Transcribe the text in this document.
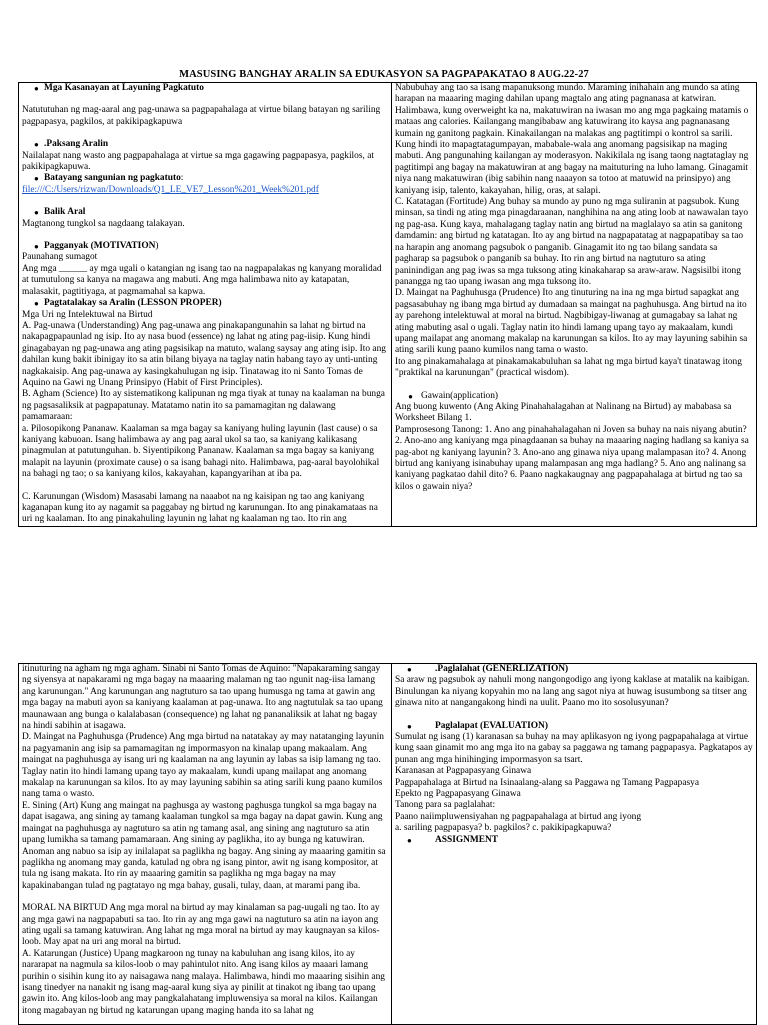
MASUSING BANGHAY ARALIN SA EDUKASYON SA PAGPAPAKATAO 8 AUG.22-27
● Mga Kasanayan at Layuning Pagkatuto

Natututuhan ng mag-aaral ang pag-unawa sa pagpapahalaga at virtue bilang batayan ng sariling pagpapasya, pagkilos, at pakikipagkapuwa

● .Paksang Aralin

Nailalapat nang wasto ang pagpapahalaga at virtue sa mga gagawing pagpapasya, pagkilos, at pakikipagkapuwa.

● Batayang sangunian ng pagkatuto:

file:///C:/Users/rizwan/Downloads/Q1_LE_VE7_Lesson%201_Week%201.pdf

● Balik Aral

Magtanong tungkol sa nagdaang talakayan.

● Pagganyak (MOTIVATION)

Paunahang sumagot

Ang mga ______ ay mga ugali o katangian ng isang tao na nagpapalakas ng kanyang moralidad at tumutulong sa kanya na magawa ang mabuti. Ang mga halimbawa nito ay katapatan, malasakit, pagtitiyaga, at pagmamahal sa kapwa.

● Pagtatalakay sa Aralin (LESSON PROPER)

Mga Uri ng Intelektuwal na Birtud

A. Pag-unawa (Understanding) Ang pag-unawa ang pinakapangunahin sa lahat ng birtud na nakapagpapaunlad ng isip. Ito ay nasa buod (essence) ng lahat ng ating pag-iisip. Kung hindi ginagabayan ng pag-unawa ang ating pagsisikap na matuto, walang saysay ang ating isip. Ito ang dahilan kung bakit ibinigay ito sa atin bilang biyaya na taglay natin habang tayo ay unti-unting nagkakaisip. Ang pag-unawa ay kasingkahulugan ng isip. Tinatawag ito ni Santo Tomas de Aquino na Gawi ng Unang Prinsipyo (Habit of First Principles).

B. Agham (Science) Ito ay sistematikong kalipunan ng mga tiyak at tunay na kaalaman na bunga ng pagsasaliksik at pagpapatunay. Matatamo natin ito sa pamamagitan ng dalawang pamamaraan:

a. Pilosopikong Pananaw. Kaalaman sa mga bagay sa kaniyang huling layunin (last cause) o sa kaniyang kabuoan. Isang halimbawa ay ang pag aaral ukol sa tao, sa kaniyang kalikasang pinagmulan at patutunguhan. b. Siyentipikong Pananaw. Kaalaman sa mga bagay sa kaniyang malapit na layunin (proximate cause) o sa isang bahagi nito. Halimbawa, pag-aaral bayolohikal na bahagi ng tao; o sa kaniyang kilos, kakayahan, kapangyarihan at iba pa.

C. Karunungan (Wisdom) Masasabi lamang na naaabot na ng kaisipan ng tao ang kaniyang kaganapan kung ito ay nagamit sa paggabay ng birtud ng karunungan. Ito ang pinakamataas na uri ng kaalaman. Ito ang pinakahuling layunin ng lahat ng kaalaman ng tao. Ito rin ang

Nabubuhay ang tao sa isang mapanuksong mundo. Maraming inihahain ang mundo sa ating harapan na maaaring maging dahilan upang magtalo ang ating pagnanasa at katwiran. Halimbawa, kung overweight ka na, makatuwiran na iwasan mo ang mga pagkaing matamis o mataas ang calories. Kailangang mangibabaw ang katuwirang ito kaysa ang pagnanasang kumain ng ganitong pagkain. Kinakailangan na malakas ang pagtitimpi o kontrol sa sarili. Kung hindi ito mapagtatagumpayan, mababale-wala ang anomang pagsisikap na maging mabuti. Ang pangunahing kailangan ay moderasyon. Nakikilala ng isang taong nagtataglay ng pagtitimpi ang bagay na makatuwiran at ang bagay na maituturing na luho lamang. Ginagamit niya nang makatuwiran (ibig sabihin nang naaayon sa totoo at matuwid na prinsipyo) ang kaniyang isip, talento, kakayahan, hilig, oras, at salapi.

C. Katatagan (Fortitude) Ang buhay sa mundo ay puno ng mga suliranin at pagsubok. Kung minsan, sa tindi ng ating mga pinagdaraanan, nanghihina na ang ating loob at nawawalan tayo ng pag-asa. Kung kaya, mahalagang taglay natin ang birtud na maglalayo sa atin sa ganitong damdamin: ang birtud ng katatagan. Ito ay ang birtud na nagpapatatag at nagpapatibay sa tao na harapin ang anomang pagsubok o panganib. Ginagamit ito ng tao bilang sandata sa pagharap sa pagsubok o panganib sa buhay. Ito rin ang birtud na nagtuturo sa ating paninindigan ang pag iwas sa mga tuksong ating kinakaharap sa araw-araw. Nagsisilbi itong panangga ng tao upang iwasan ang mga tuksong ito.

D. Maingat na Paghuhusga (Prudence) Ito ang tinuturing na ina ng mga birtud sapagkat ang pagsasabuhay ng ibang mga birtud ay dumadaan sa maingat na paghuhusga. Ang birtud na ito ay parehong intelektuwal at moral na birtud. Nagbibigay-liwanag at gumagabay sa lahat ng ating mabuting asal o ugali. Taglay natin ito hindi lamang upang tayo ay makaalam, kundi upang mailapat ang anomang makalap na karunungan sa kilos. Ito ay may layuning sabihin sa ating sarili kung paano kumilos nang tama o wasto.

Ito ang pinakamahalaga at pinakamakabuluhan sa lahat ng mga birtud kaya't tinatawag itong "praktikal na karunungan" (practical wisdom).

● Gawain(application)

Ang buong kuwento (Ang Aking Pinahahalagahan at Nalinang na Birtud) ay mababasa sa Worksheet Bilang 1.

Pamprosesong Tanong: 1. Ano ang pinahahalagahan ni Joven sa buhay na nais niyang abutin? 2. Ano-ano ang kaniyang mga pinagdaanan sa buhay na maaaring naging hadlang sa kaniya sa pag-abot ng kaniyang layunin? 3. Ano-ano ang ginawa niya upang malampasan ito? 4. Anong birtud ang kaniyang isinabuhay upang malampasan ang mga hadlang? 5. Ano ang nalinang sa kaniyang pagkatao dahil dito? 6. Paano nagkakaugnay ang pagpapahalaga at birtud ng tao sa kilos o gawain niya?

itinuturing na agham ng mga agham. Sinabi ni Santo Tomas de Aquino: "Napakaraming sangay ng siyensya at napakarami ng mga bagay na maaaring malaman ng tao ngunit nag-iisa lamang ang karunungan." Ang karunungan ang nagtuturo sa tao upang humusga ng tama at gawin ang mga bagay na mabuti ayon sa kaniyang kaalaman at pag-unawa. Ito ang nagtutulak sa tao upang maunawaan ang bunga o kalalabasan (consequence) ng lahat ng pananaliksik at lahat ng bagay na hindi sabihin at isagawa.

D. Maingat na Paghuhusga (Prudence) Ang mga birtud na natatakay ay may natatanging layunin na pagyamanin ang isip sa pamamagitan ng impormasyon na kinalap upang makaalam. Ang maingat na paghuhusga ay isang uri ng kaalaman na ang layunin ay labas sa isip lamang ng tao. Taglay natin ito hindi lamang upang tayo ay makaalam, kundi upang mailapat ang anomang makalap na karunungan sa kilos. Ito ay may layuning sabihin sa ating sarili kung paano kumilos nang tama o wasto.

E. Sining (Art) Kung ang maingat na paghusga ay wastong paghusga tungkol sa mga bagay na dapat isagawa, ang sining ay tamang kaalaman tungkol sa mga bagay na dapat gawin. Kung ang maingat na paghuhusga ay nagtuturo sa atin ng tamang asal, ang sining ang nagtuturo sa atin upang lumikha sa tamang pamamaraan. Ang sining ay paglikha, ito ay bunga ng katuwiran. Anoman ang nabuo sa isip ay inilalapat sa paglikha ng bagay. Ang sining ay maaaring gamitin sa paglikha ng anomang may ganda, katulad ng obra ng isang pintor, awit ng isang kompositor, at tula ng isang makata. Ito rin ay maaaring gamitin sa paglikha ng mga bagay na may kapakinabangan tulad ng pagtatayo ng mga bahay, gusali, tulay, daan, at marami pang iba.

MORAL NA BIRTUD Ang mga moral na birtud ay may kinalaman sa pag-uugali ng tao. Ito ay ang mga gawi na nagpapabuti sa tao. Ito rin ay ang mga gawi na nagtuturo sa atin na iayon ang ating ugali sa tamang katuwiran. Ang lahat ng mga moral na birtud ay may kaugnayan sa kilos-loob. May apat na uri ang moral na birtud.

A. Katarungan (Justice) Upang magkaroon ng tunay na kabuluhan ang isang kilos, ito ay nararapat na nagmula sa kilos-loob o may pahintulot nito. Ang isang kilos ay maaari lamang purihin o sisihin kung ito ay naisagawa nang malaya. Halimbawa, hindi mo maaaring sisihin ang isang tinedyer na nanakit ng isang mag-aaral kung siya ay pinilit at tinakot ng ibang tao upang gawin ito. Ang kilos-loob ang may pangkalahatang impluwensiya sa moral na kilos. Kailangan itong magabayan ng birtud ng katarungan upang maging handa ito sa lahat ng

●	.Paglalahat (GENERLIZATION)

Sa araw ng pagsubok ay nahuli mong nangongodigo ang iyong kaklase at matalik na kaibigan. Binulungan ka niyang kopyahin mo na lang ang sagot niya at huwag isusumbong sa titser ang ginawa nito at nangangakong hindi na uulit. Paano mo ito sosolusyunan?

●	Paglalapat (EVALUATION)

Sumulat ng isang (1) karanasan sa buhay na may aplikasyon ng iyong pagpapahalaga at virtue kung saan ginamit mo ang mga ito na gabay sa paggawa ng tamang pagpapasya. Pagkatapos ay punan ang mga hinihinging impormasyon sa tsart.

Karanasan at Pagpapasyang Ginawa

Pagpapahalaga at Birtud na Isinaalang-alang sa Paggawa ng Tamang Pagpapasya

Epekto ng Pagpapasyang Ginawa

Tanong para sa paglalahat:

Paano naiimpluwensiyahan ng pagpapahalaga at birtud ang iyong

a. sariling pagpapasya? b. pagkilos? c. pakikipagkapuwa?

●	ASSIGNMENT
